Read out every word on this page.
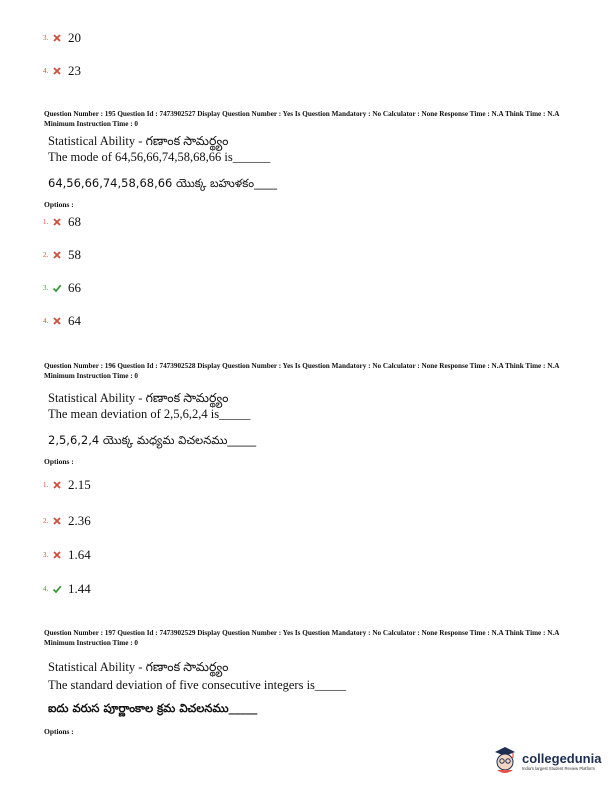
3. 20
4. 23
Question Number : 195 Question Id : 7473902527 Display Question Number : Yes Is Question Mandatory : No Calculator : None Response Time : N.A Think Time : N.A Minimum Instruction Time : 0
Statistical Ability - గణాంక సామర్థ్యం
The mode of 64,56,66,74,58,68,66 is______
64,56,66,74,58,68,66 యొక్క బహుళకం____
Options :
1. 68
2. 58
3. 66
4. 64
Question Number : 196 Question Id : 7473902528 Display Question Number : Yes Is Question Mandatory : No Calculator : None Response Time : N.A Think Time : N.A Minimum Instruction Time : 0
Statistical Ability - గణాంక సామర్థ్యం
The mean deviation of 2,5,6,2,4 is_____
2,5,6,2,4 యొక్క మధ్యమ విచలనము_____
Options :
1. 2.15
2. 2.36
3. 1.64
4. 1.44
Question Number : 197 Question Id : 7473902529 Display Question Number : Yes Is Question Mandatory : No Calculator : None Response Time : N.A Think Time : N.A Minimum Instruction Time : 0
Statistical Ability - గణాంక సామర్థ్యం
The standard deviation of five consecutive integers is_____
ఐదు వరుస పూర్ణాంకాల క్రమ విచలనము_____
Options :
collegedunia
India's largest Student Review Platform
